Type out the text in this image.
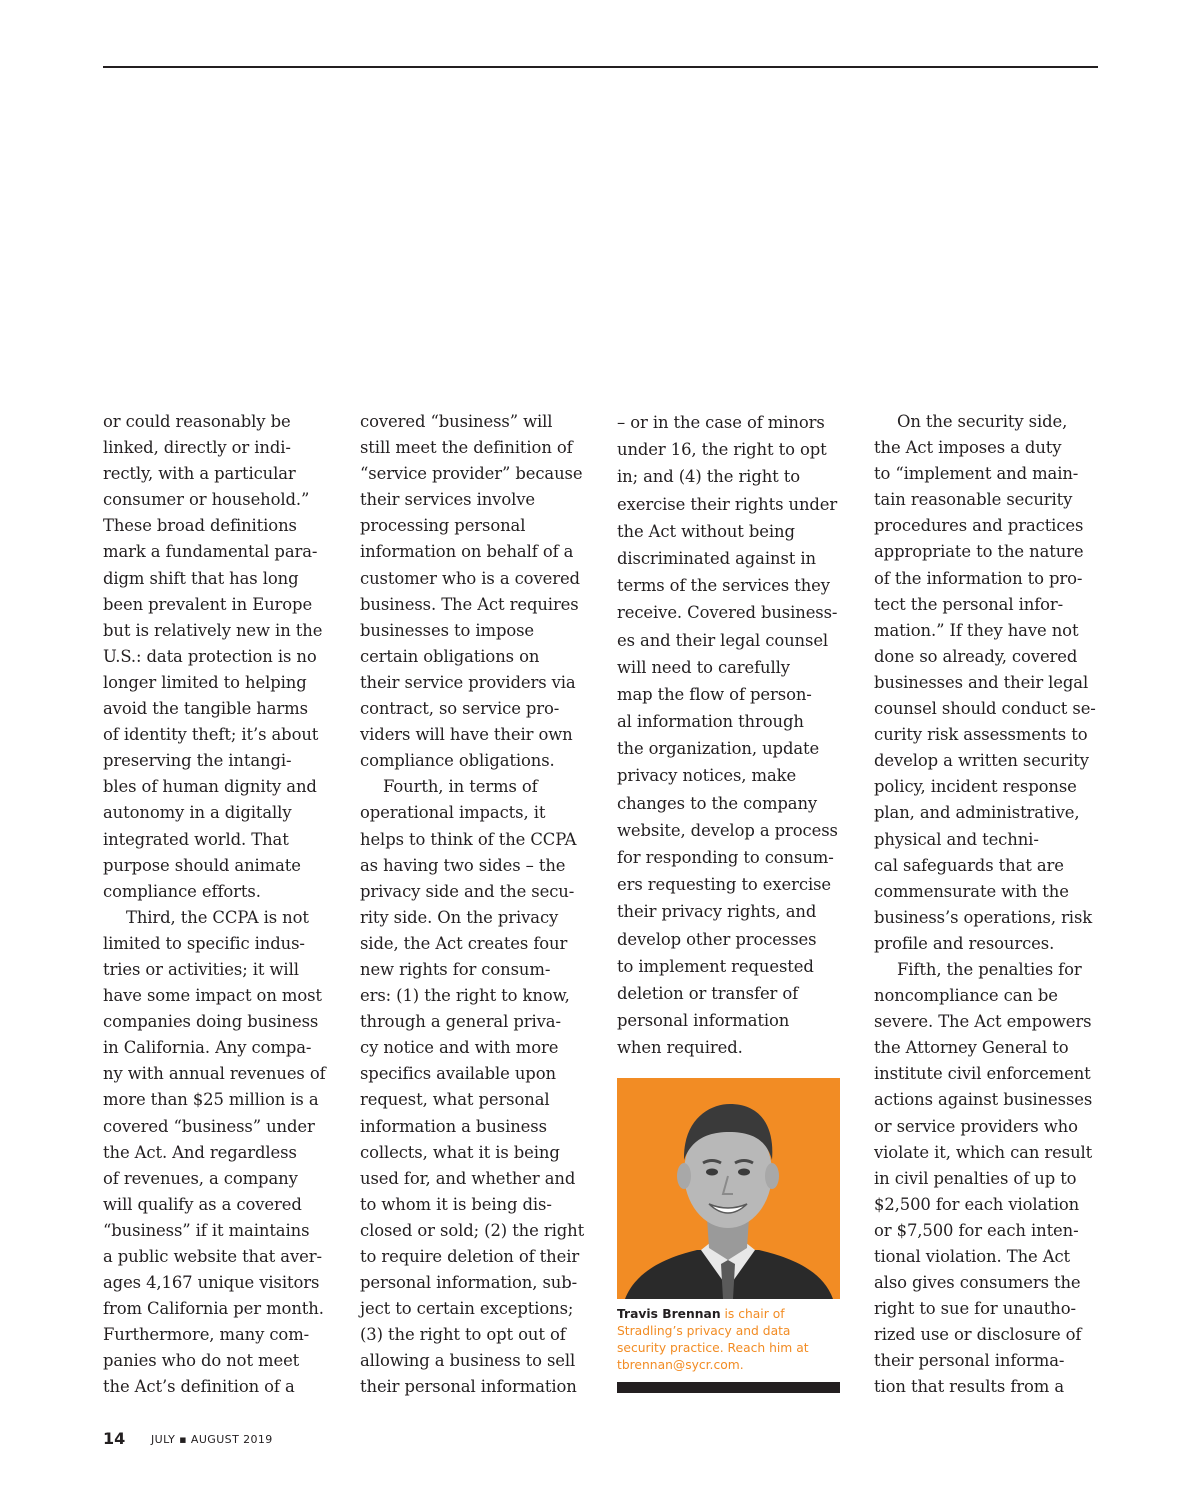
or could reasonably be
linked, directly or indi-
rectly, with a particular
consumer or household.”
These broad definitions
mark a fundamental para-
digm shift that has long
been prevalent in Europe
but is relatively new in the
U.S.: data protection is no
longer limited to helping
avoid the tangible harms
of identity theft; it’s about
preserving the intangi-
bles of human dignity and
autonomy in a digitally
integrated world. That
purpose should animate
compliance efforts.
Third, the CCPA is not
limited to specific indus-
tries or activities; it will
have some impact on most
companies doing business
in California. Any compa-
ny with annual revenues of
more than $25 million is a
covered “business” under
the Act. And regardless
of revenues, a company
will qualify as a covered
“business” if it maintains
a public website that aver-
ages 4,167 unique visitors
from California per month.
Furthermore, many com-
panies who do not meet
the Act’s definition of a
covered “business” will
still meet the definition of
“service provider” because
their services involve
processing personal
information on behalf of a
customer who is a covered
business. The Act requires
businesses to impose
certain obligations on
their service providers via
contract, so service pro-
viders will have their own
compliance obligations.
Fourth, in terms of
operational impacts, it
helps to think of the CCPA
as having two sides – the
privacy side and the secu-
rity side. On the privacy
side, the Act creates four
new rights for consum-
ers: (1) the right to know,
through a general priva-
cy notice and with more
specifics available upon
request, what personal
information a business
collects, what it is being
used for, and whether and
to whom it is being dis-
closed or sold; (2) the right
to require deletion of their
personal information, sub-
ject to certain exceptions;
(3) the right to opt out of
allowing a business to sell
their personal information
– or in the case of minors
under 16, the right to opt
in; and (4) the right to
exercise their rights under
the Act without being
discriminated against in
terms of the services they
receive. Covered business-
es and their legal counsel
will need to carefully
map the flow of person-
al information through
the organization, update
privacy notices, make
changes to the company
website, develop a process
for responding to consum-
ers requesting to exercise
their privacy rights, and
develop other processes
to implement requested
deletion or transfer of
personal information
when required.
On the security side,
the Act imposes a duty
to “implement and main-
tain reasonable security
procedures and practices
appropriate to the nature
of the information to pro-
tect the personal infor-
mation.” If they have not
done so already, covered
businesses and their legal
counsel should conduct se-
curity risk assessments to
develop a written security
policy, incident response
plan, and administrative,
physical and techni-
cal safeguards that are
commensurate with the
business’s operations, risk
profile and resources.
Fifth, the penalties for
noncompliance can be
severe. The Act empowers
the Attorney General to
institute civil enforcement
actions against businesses
or service providers who
violate it, which can result
in civil penalties of up to
$2,500 for each violation
or $7,500 for each inten-
tional violation. The Act
also gives consumers the
right to sue for unautho-
rized use or disclosure of
their personal informa-
tion that results from a
Travis Brennan is chair of
Stradling’s privacy and data
security practice. Reach him at
tbrennan@sycr.com.
14 JULY ▪ AUGUST 2019
